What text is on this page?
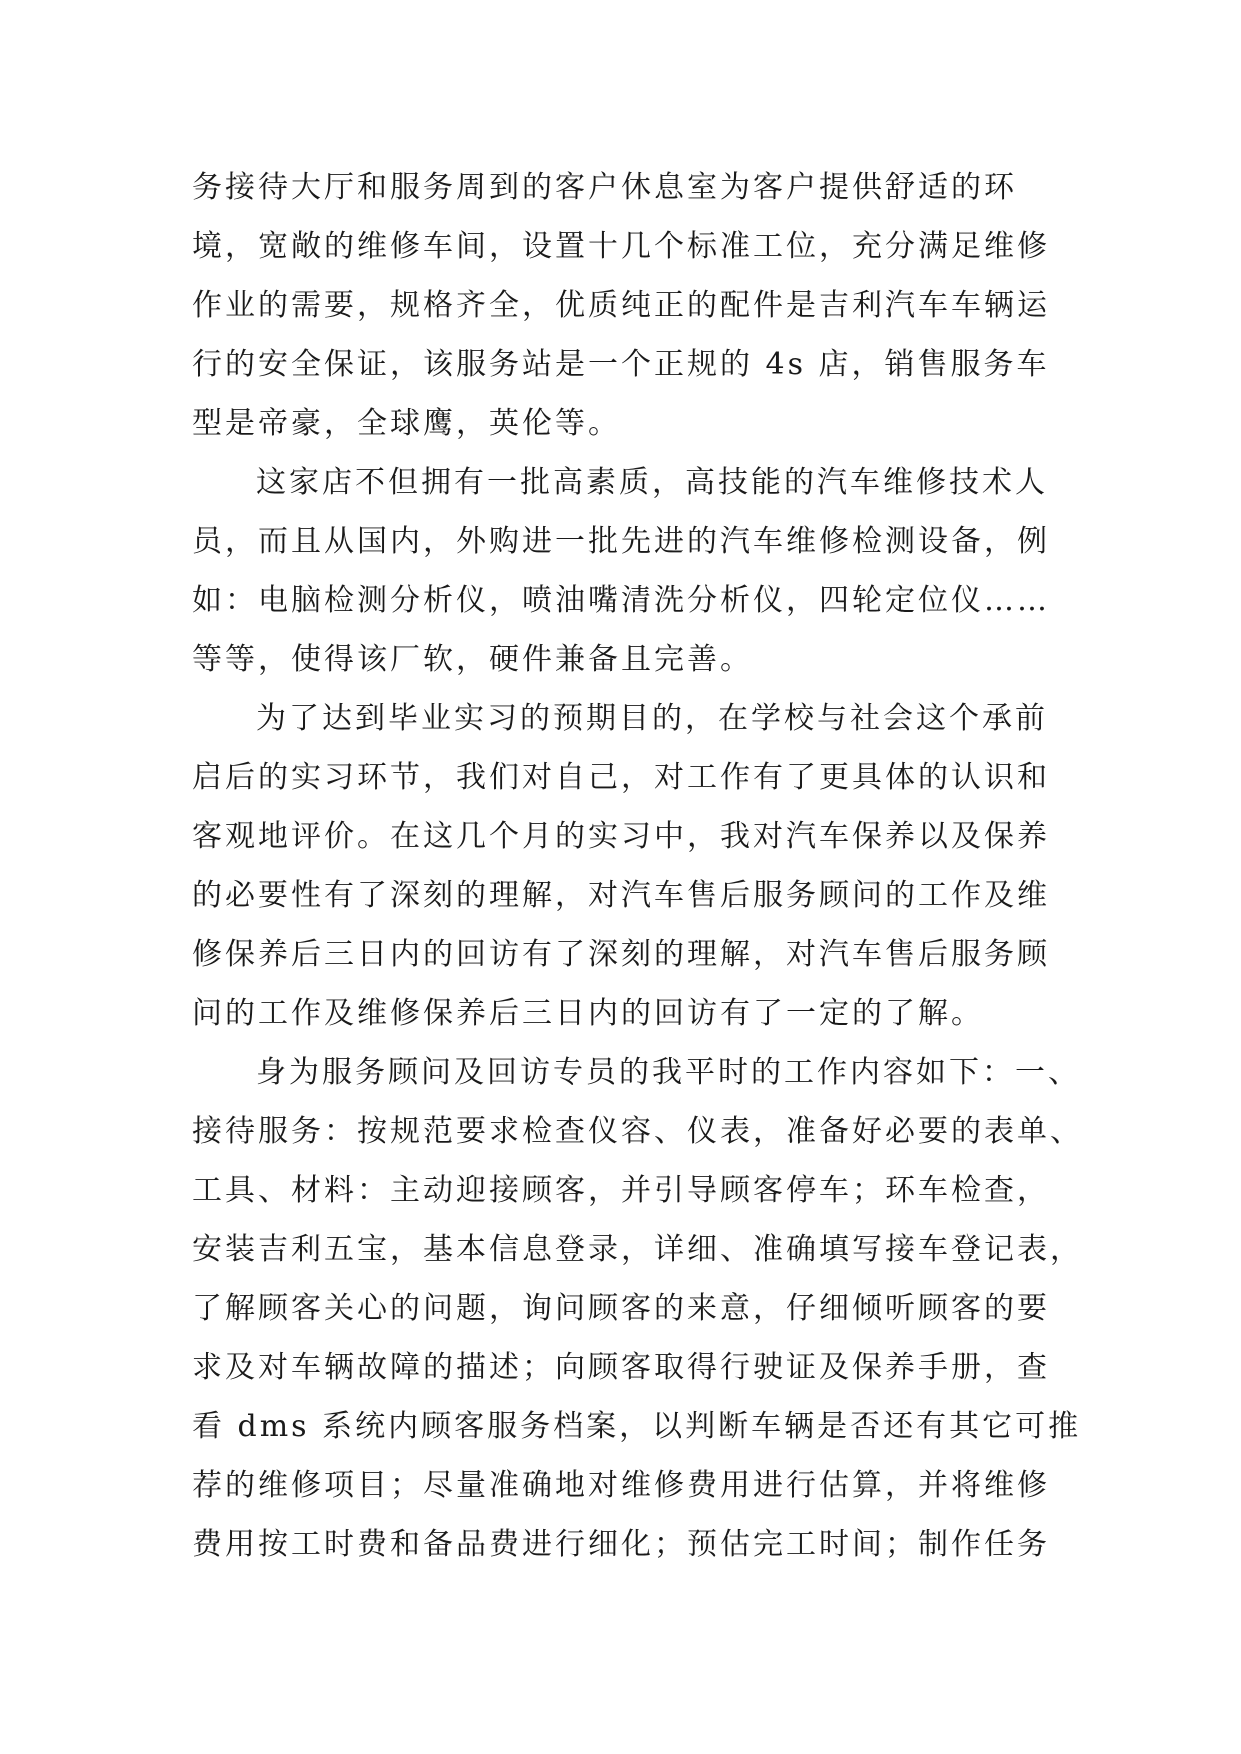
务接待大厅和服务周到的客户休息室为客户提供舒适的环
境，宽敞的维修车间，设置十几个标准工位，充分满足维修
作业的需要，规格齐全，优质纯正的配件是吉利汽车车辆运
行的安全保证，该服务站是一个正规的 4s 店，销售服务车
型是帝豪，全球鹰，英伦等。
这家店不但拥有一批高素质，高技能的汽车维修技术人
员，而且从国内，外购进一批先进的汽车维修检测设备，例
如：电脑检测分析仪，喷油嘴清洗分析仪，四轮定位仪……
等等，使得该厂软，硬件兼备且完善。
为了达到毕业实习的预期目的，在学校与社会这个承前
启后的实习环节，我们对自己，对工作有了更具体的认识和
客观地评价。在这几个月的实习中，我对汽车保养以及保养
的必要性有了深刻的理解，对汽车售后服务顾问的工作及维
修保养后三日内的回访有了深刻的理解，对汽车售后服务顾
问的工作及维修保养后三日内的回访有了一定的了解。
身为服务顾问及回访专员的我平时的工作内容如下：一、
接待服务：按规范要求检查仪容、仪表，准备好必要的表单、
工具、材料：主动迎接顾客，并引导顾客停车；环车检查，
安装吉利五宝，基本信息登录，详细、准确填写接车登记表，
了解顾客关心的问题，询问顾客的来意，仔细倾听顾客的要
求及对车辆故障的描述；向顾客取得行驶证及保养手册，查
看 dms 系统内顾客服务档案，以判断车辆是否还有其它可推
荐的维修项目；尽量准确地对维修费用进行估算，并将维修
费用按工时费和备品费进行细化；预估完工时间；制作任务
